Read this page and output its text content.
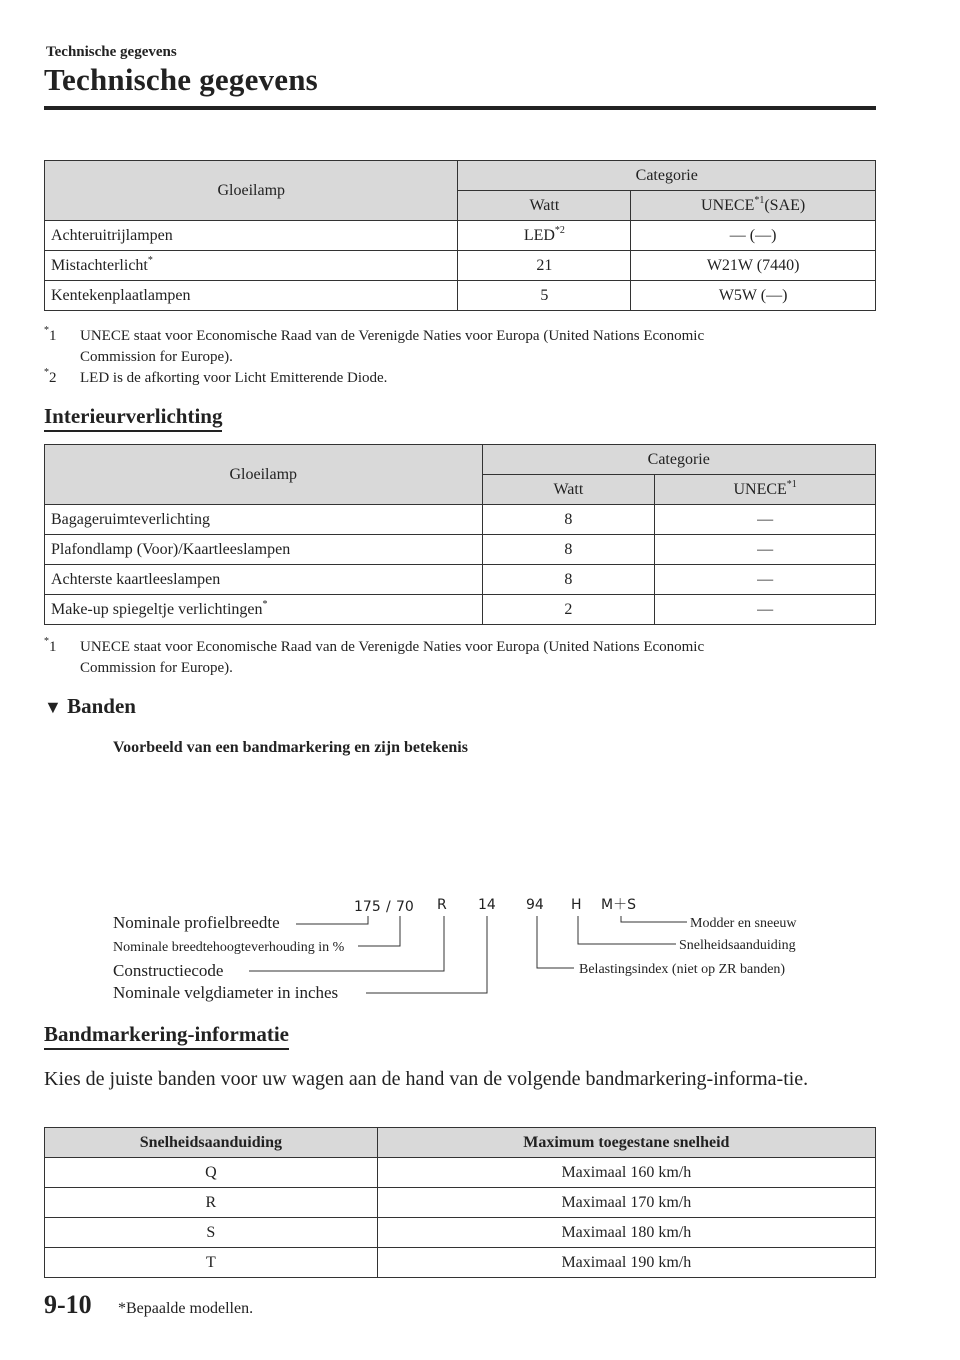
Technische gegevens
Technische gegevens
Gloeilamp	Categorie	
	Watt	UNECE$^{*1}$(SAE)
Achteruitrijlampen	LED$^{*2}$	— (—)
Mistachterlicht*	21	W21W (7440)
Kentekenplaatlampen	5	W5W (—)
*1 UNECE staat voor Economische Raad van de Verenigde Naties voor Europa (United Nations Economic
Commission for Europe).
*2 LED is de afkorting voor Licht Emitterende Diode.
Interieurverlichting
Gloeilamp	Categorie	
	Watt	UNECE$^{*1}$
Bagageruimteverlichting	8	—
Plafondlamp (Voor)/Kaartleeslampen	8	—
Achterste kaartleeslampen	8	—
Make-up spiegeltje verlichtingen*	2	—
*1 UNECE staat voor Economische Raad van de Verenigde Naties voor Europa (United Nations Economic
Commission for Europe).
▼ Banden
Voorbeeld van een bandmarkering en zijn betekenis
175 / 70 R 14 94 H M＋S
Nominale profielbreedte
Nominale breedtehoogteverhouding in %
Constructiecode
Nominale velgdiameter in inches
Modder en sneeuw
Snelheidsaanduiding
Belastingsindex (niet op ZR banden)
Bandmarkering-informatie
Kies de juiste banden voor uw wagen aan de hand van de volgende bandmarkering-informa-tie.
Snelheidsaanduiding	Maximum toegestane snelheid
Q	Maximaal 160 km/h
R	Maximaal 170 km/h
S	Maximaal 180 km/h
T	Maximaal 190 km/h
9-10 *Bepaalde modellen.
